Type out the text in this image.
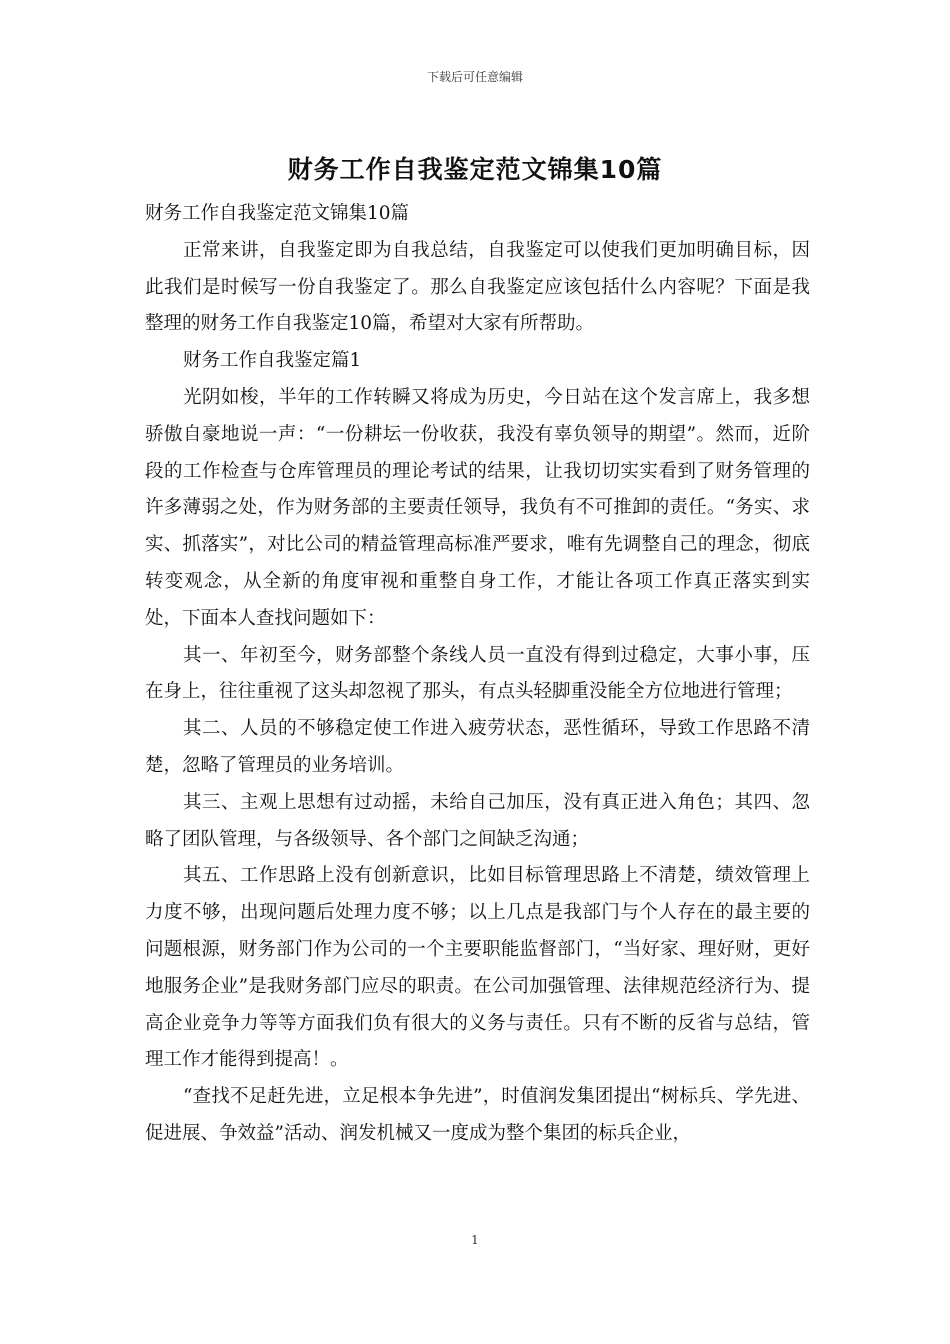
下载后可任意编辑
财务工作自我鉴定范文锦集10篇

财务工作自我鉴定范文锦集10篇

正常来讲，自我鉴定即为自我总结，自我鉴定可以使我们更加明确目标，因此我们是时候写一份自我鉴定了。那么自我鉴定应该包括什么内容呢？下面是我整理的财务工作自我鉴定10篇，希望对大家有所帮助。

财务工作自我鉴定篇1

光阴如梭，半年的工作转瞬又将成为历史，今日站在这个发言席上，我多想骄傲自豪地说一声：“一份耕坛一份收获，我没有辜负领导的期望”。然而，近阶段的工作检查与仓库管理员的理论考试的结果，让我切切实实看到了财务管理的许多薄弱之处，作为财务部的主要责任领导，我负有不可推卸的责任。“务实、求实、抓落实”，对比公司的精益管理高标准严要求，唯有先调整自己的理念，彻底转变观念，从全新的角度审视和重整自身工作，才能让各项工作真正落实到实处，下面本人查找问题如下：

其一、年初至今，财务部整个条线人员一直没有得到过稳定，大事小事，压在身上，往往重视了这头却忽视了那头，有点头轻脚重没能全方位地进行管理；

其二、人员的不够稳定使工作进入疲劳状态，恶性循环，导致工作思路不清楚，忽略了管理员的业务培训。

其三、主观上思想有过动摇，未给自己加压，没有真正进入角色；其四、忽略了团队管理，与各级领导、各个部门之间缺乏沟通；

其五、工作思路上没有创新意识，比如目标管理思路上不清楚，绩效管理上力度不够，出现问题后处理力度不够；以上几点是我部门与个人存在的最主要的问题根源，财务部门作为公司的一个主要职能监督部门，“当好家、理好财，更好地服务企业”是我财务部门应尽的职责。在公司加强管理、法律规范经济行为、提高企业竞争力等等方面我们负有很大的义务与责任。只有不断的反省与总结，管理工作才能得到提高！。

“查找不足赶先进，立足根本争先进”，时值润发集团提出“树标兵、学先进、促进展、争效益”活动、润发机械又一度成为整个集团的标兵企业，

1
